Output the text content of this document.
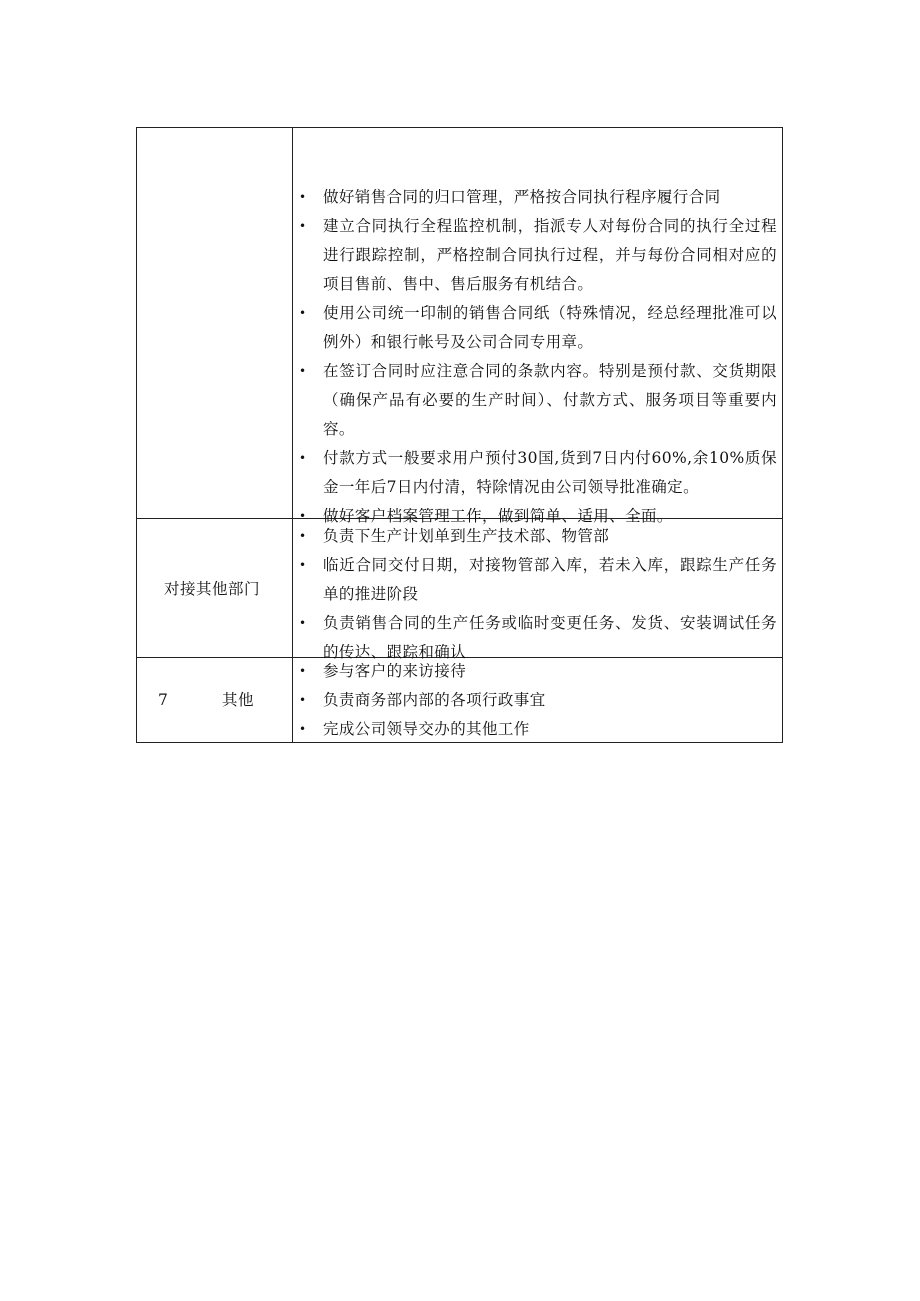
• 做好销售合同的归口管理，严格按合同执行程序履行合同
• 建立合同执行全程监控机制，指派专人对每份合同的执行全过程进行跟踪控制，严格控制合同执行过程，并与每份合同相对应的项目售前、售中、售后服务有机结合。
• 使用公司统一印制的销售合同纸（特殊情况，经总经理批准可以例外）和银行帐号及公司合同专用章。
• 在签订合同时应注意合同的条款内容。特别是预付款、交货期限（确保产品有必要的生产时间）、付款方式、服务项目等重要内容。
• 付款方式一般要求用户预付30国,货到7日内付60%,余10%质保金一年后7日内付清，特除情况由公司领导批准确定。
• 做好客户档案管理工作，做到简单、适用、全面。
对接其他部门
• 负责下生产计划单到生产技术部、物管部
• 临近合同交付日期，对接物管部入库，若未入库，跟踪生产任务单的推进阶段
• 负责销售合同的生产任务或临时变更任务、发货、安装调试任务的传达、跟踪和确认
7	其他
• 参与客户的来访接待
• 负责商务部内部的各项行政事宜
• 完成公司领导交办的其他工作
